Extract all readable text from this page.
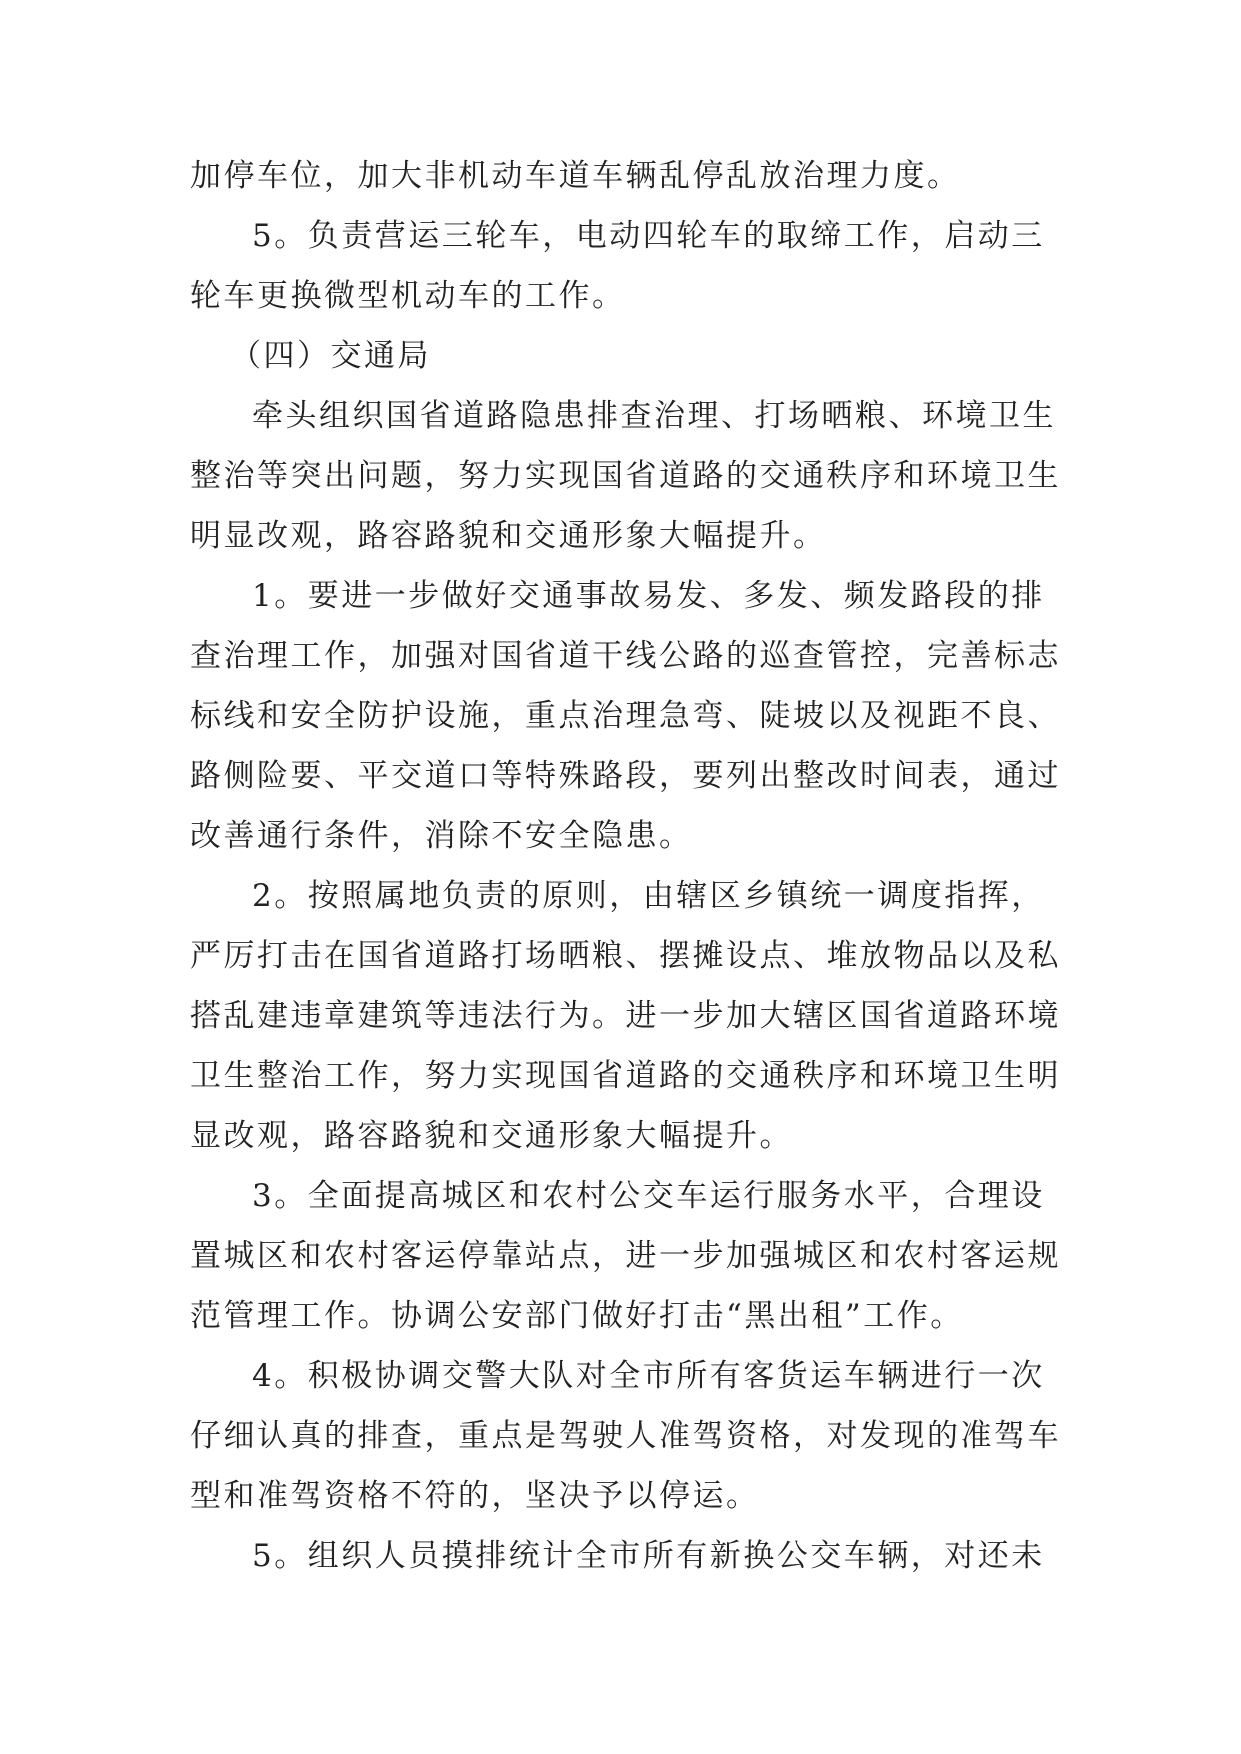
加停车位，加大非机动车道车辆乱停乱放治理力度。
5。负责营运三轮车，电动四轮车的取缔工作，启动三
轮车更换微型机动车的工作。
（四）交通局
牵头组织国省道路隐患排查治理、打场晒粮、环境卫生
整治等突出问题，努力实现国省道路的交通秩序和环境卫生
明显改观，路容路貌和交通形象大幅提升。
1。要进一步做好交通事故易发、多发、频发路段的排
查治理工作，加强对国省道干线公路的巡查管控，完善标志
标线和安全防护设施，重点治理急弯、陡坡以及视距不良、
路侧险要、平交道口等特殊路段，要列出整改时间表，通过
改善通行条件，消除不安全隐患。
2。按照属地负责的原则，由辖区乡镇统一调度指挥，
严厉打击在国省道路打场晒粮、摆摊设点、堆放物品以及私
搭乱建违章建筑等违法行为。进一步加大辖区国省道路环境
卫生整治工作，努力实现国省道路的交通秩序和环境卫生明
显改观，路容路貌和交通形象大幅提升。
3。全面提高城区和农村公交车运行服务水平，合理设
置城区和农村客运停靠站点，进一步加强城区和农村客运规
范管理工作。协调公安部门做好打击“黑出租”工作。
4。积极协调交警大队对全市所有客货运车辆进行一次
仔细认真的排查，重点是驾驶人准驾资格，对发现的准驾车
型和准驾资格不符的，坚决予以停运。
5。组织人员摸排统计全市所有新换公交车辆，对还未
